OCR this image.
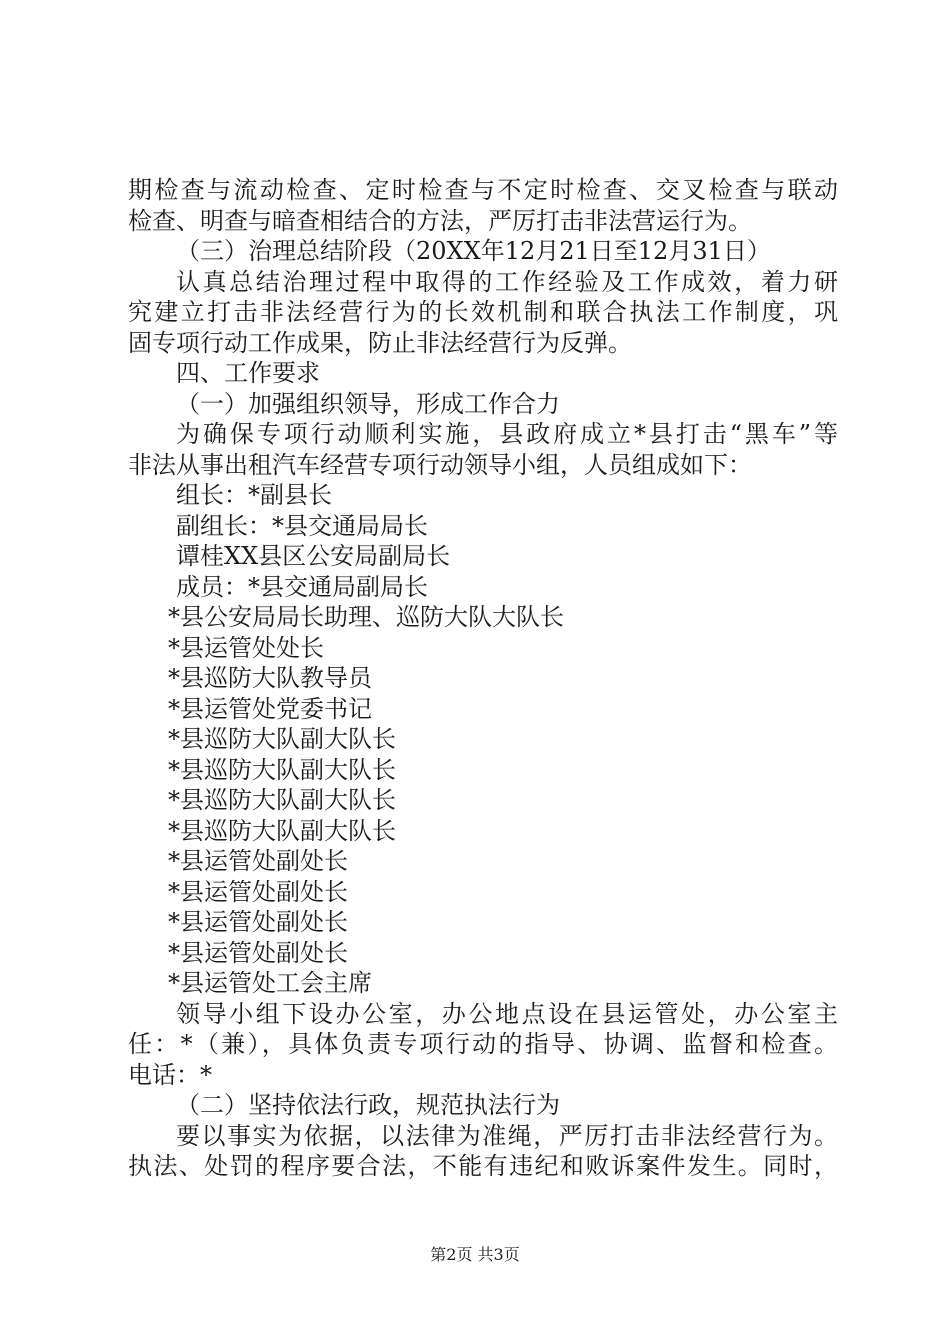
期检查与流动检查、定时检查与不定时检查、交叉检查与联动
检查、明查与暗查相结合的方法，严厉打击非法营运行为。
（三）治理总结阶段（20XX年12月21日至12月31日）
认真总结治理过程中取得的工作经验及工作成效，着力研
究建立打击非法经营行为的长效机制和联合执法工作制度，巩
固专项行动工作成果，防止非法经营行为反弹。
四、工作要求
（一）加强组织领导，形成工作合力
为确保专项行动顺利实施，县政府成立*县打击“黑车”等
非法从事出租汽车经营专项行动领导小组，人员组成如下：
组长：*副县长
副组长：*县交通局局长
谭桂XX县区公安局副局长
成员：*县交通局副局长
*县公安局局长助理、巡防大队大队长
*县运管处处长
*县巡防大队教导员
*县运管处党委书记
*县巡防大队副大队长
*县巡防大队副大队长
*县巡防大队副大队长
*县巡防大队副大队长
*县运管处副处长
*县运管处副处长
*县运管处副处长
*县运管处副处长
*县运管处工会主席
领导小组下设办公室，办公地点设在县运管处，办公室主
任：*（兼），具体负责专项行动的指导、协调、监督和检查。
电话：*
（二）坚持依法行政，规范执法行为
要以事实为依据，以法律为准绳，严厉打击非法经营行为。
执法、处罚的程序要合法，不能有违纪和败诉案件发生。同时，
第2页 共3页
